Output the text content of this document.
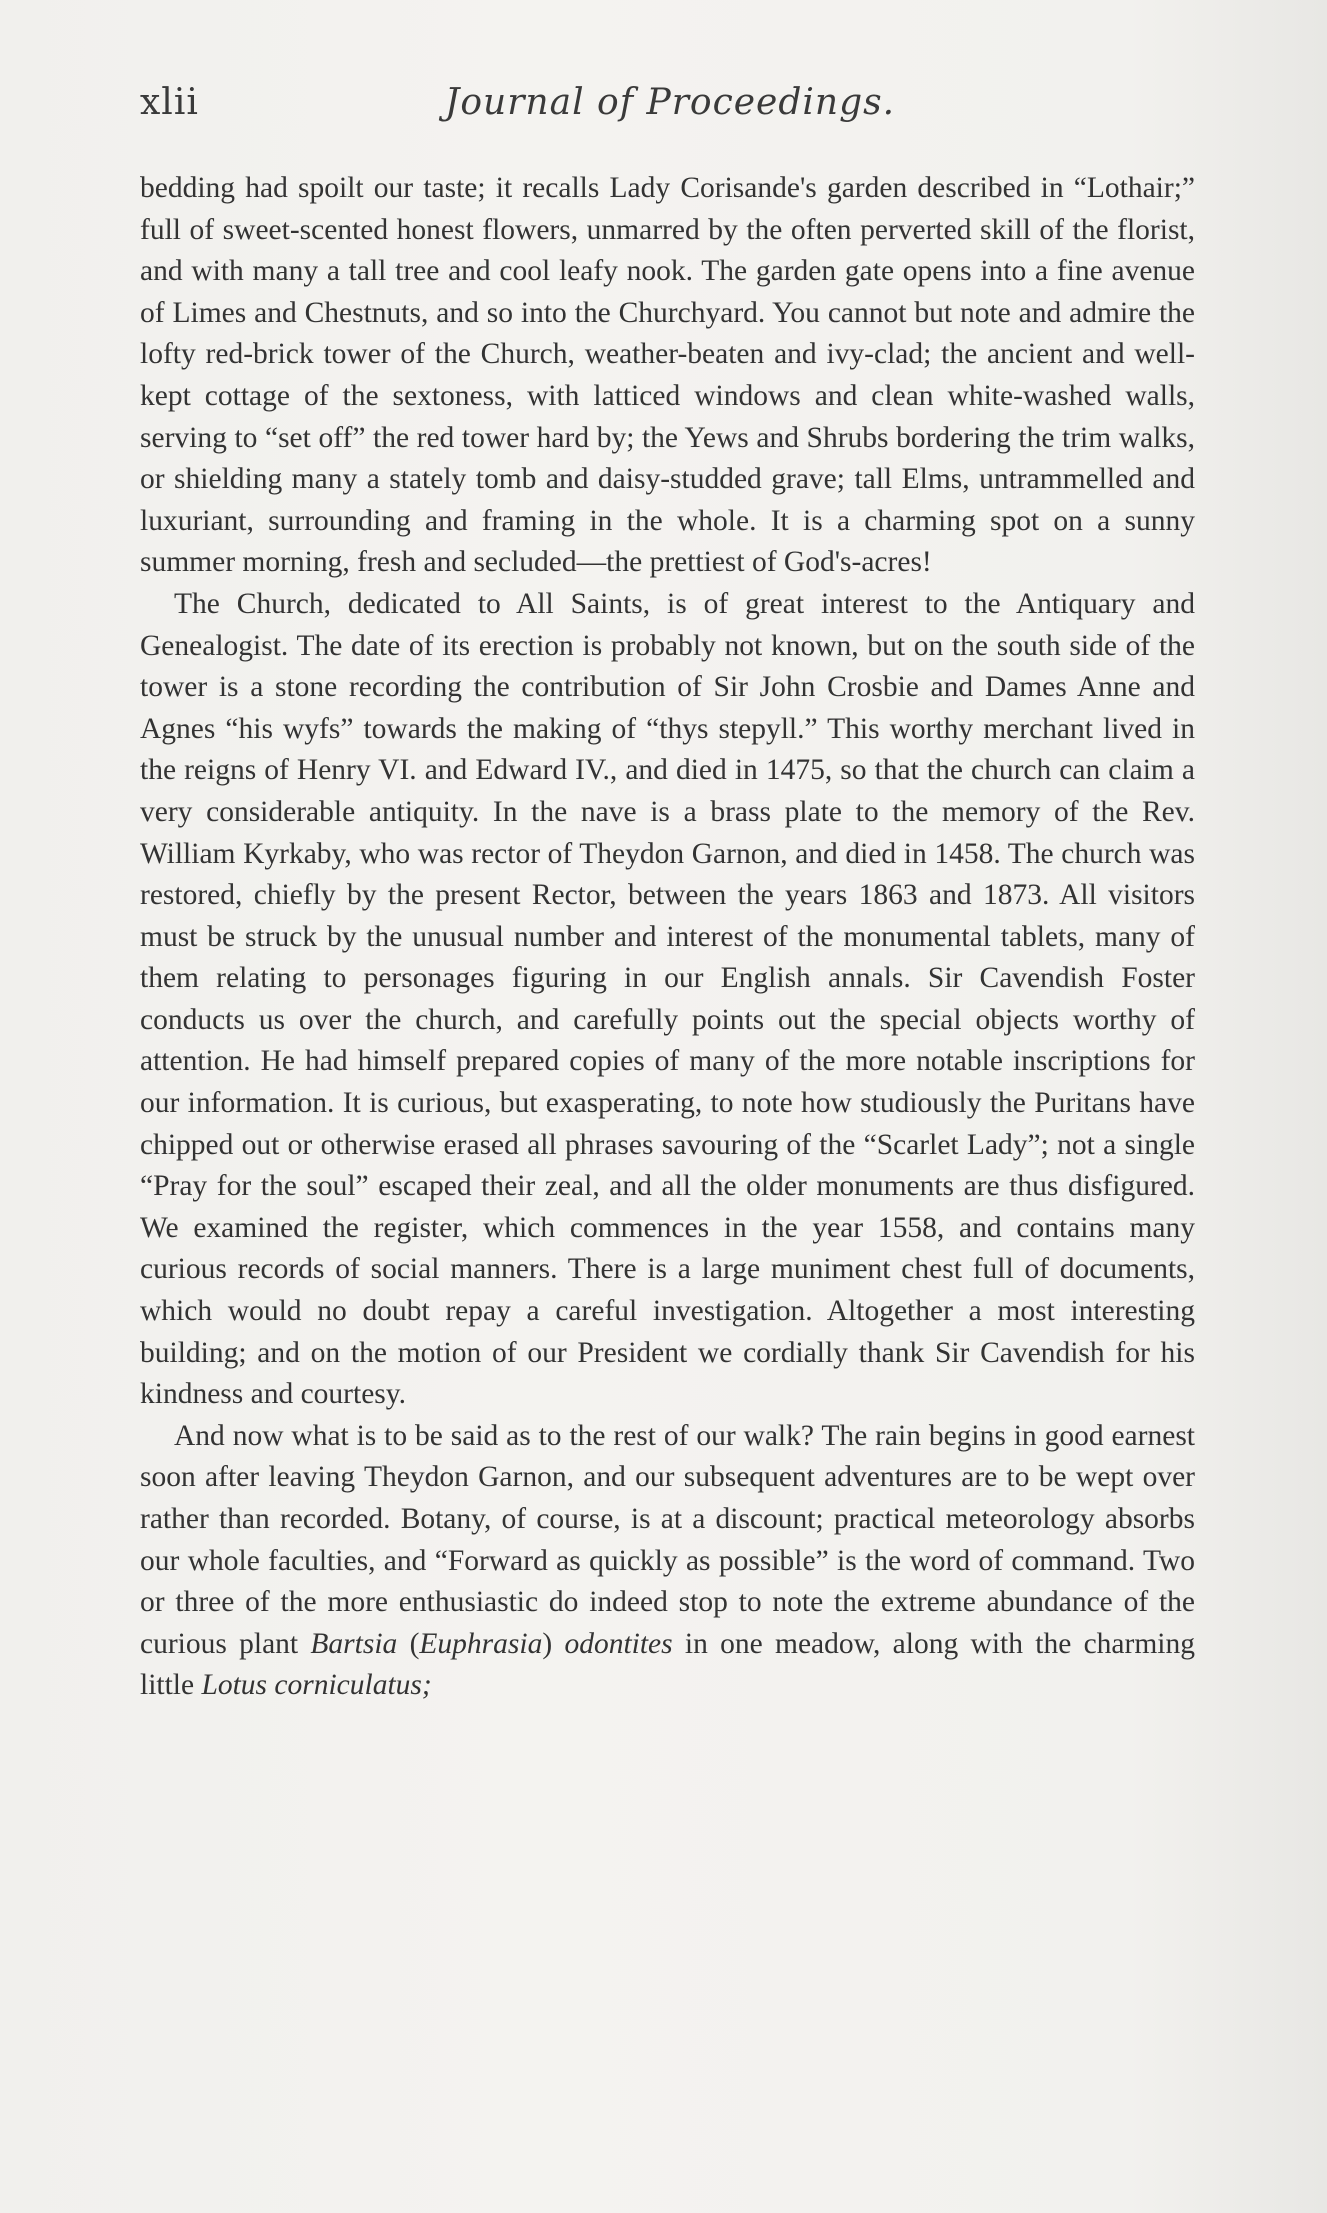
xlii	Journal of Proceedings.

bedding had spoilt our taste; it recalls Lady Corisande's garden described in “Lothair;” full of sweet-scented honest flowers, unmarred by the often perverted skill of the florist, and with many a tall tree and cool leafy nook. The garden gate opens into a fine avenue of Limes and Chestnuts, and so into the Churchyard. You cannot but note and admire the lofty red-brick tower of the Church, weather-beaten and ivy-clad; the ancient and well-kept cottage of the sextoness, with latticed windows and clean white-washed walls, serving to “set off” the red tower hard by; the Yews and Shrubs bordering the trim walks, or shielding many a stately tomb and daisy-studded grave; tall Elms, untrammelled and luxuriant, surrounding and framing in the whole. It is a charming spot on a sunny summer morning, fresh and secluded—the prettiest of God's-acres!

The Church, dedicated to All Saints, is of great interest to the Antiquary and Genealogist. The date of its erection is probably not known, but on the south side of the tower is a stone recording the contribution of Sir John Crosbie and Dames Anne and Agnes “his wyfs” towards the making of “thys stepyll.” This worthy merchant lived in the reigns of Henry VI. and Edward IV., and died in 1475, so that the church can claim a very considerable antiquity. In the nave is a brass plate to the memory of the Rev. William Kyrkaby, who was rector of Theydon Garnon, and died in 1458. The church was restored, chiefly by the present Rector, between the years 1863 and 1873. All visitors must be struck by the unusual number and interest of the monumental tablets, many of them relating to personages figuring in our English annals. Sir Cavendish Foster conducts us over the church, and carefully points out the special objects worthy of attention. He had himself prepared copies of many of the more notable inscriptions for our information. It is curious, but exasperating, to note how studiously the Puritans have chipped out or otherwise erased all phrases savouring of the “Scarlet Lady”; not a single “Pray for the soul” escaped their zeal, and all the older monuments are thus disfigured. We examined the register, which commences in the year 1558, and contains many curious records of social manners. There is a large muniment chest full of documents, which would no doubt repay a careful investigation. Altogether a most interesting building; and on the motion of our President we cordially thank Sir Cavendish for his kindness and courtesy.

And now what is to be said as to the rest of our walk? The rain begins in good earnest soon after leaving Theydon Garnon, and our subsequent adventures are to be wept over rather than recorded. Botany, of course, is at a discount; practical meteorology absorbs our whole faculties, and “Forward as quickly as possible” is the word of command. Two or three of the more enthusiastic do indeed stop to note the extreme abundance of the curious plant Bartsia (Euphrasia) odontites in one meadow, along with the charming little Lotus corniculatus;
